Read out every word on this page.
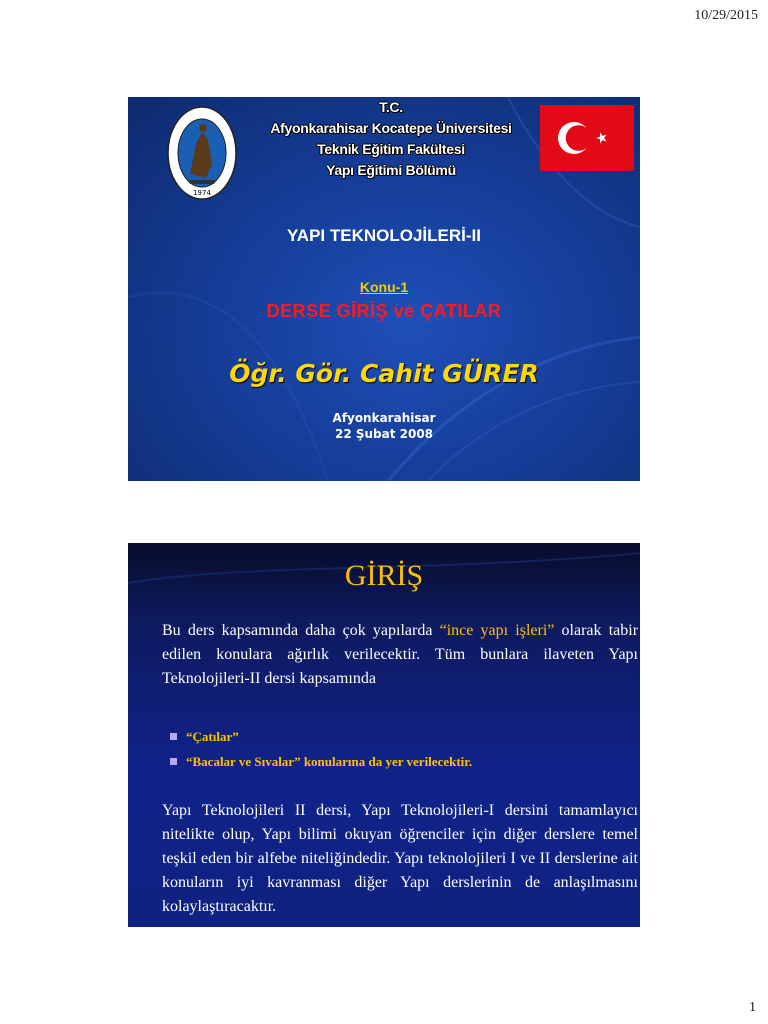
10/29/2015
1974
T.C.
Afyonkarahisar Kocatepe Üniversitesi
Teknik Eğitim Fakültesi
Yapı Eğitimi Bölümü
YAPI TEKNOLOJİLERİ-II
Konu-1
DERSE GİRİŞ ve ÇATILAR
Öğr. Gör. Cahit GÜRER
Afyonkarahisar
22 Şubat 2008
GİRİŞ
Bu ders kapsamında daha çok yapılarda “ince yapı işleri” olarak tabir edilen konulara ağırlık verilecektir. Tüm bunlara ilaveten Yapı Teknolojileri-II dersi kapsamında
“Çatılar”
“Bacalar ve Sıvalar” konularına da yer verilecektir.
Yapı Teknolojileri II dersi, Yapı Teknolojileri-I dersini tamamlayıcı nitelikte olup, Yapı bilimi okuyan öğrenciler için diğer derslere temel teşkil eden bir alfebe niteliğindedir. Yapı teknolojileri I ve II derslerine ait konuların iyi kavranması diğer Yapı derslerinin de anlaşılmasını kolaylaştıracaktır.
1
